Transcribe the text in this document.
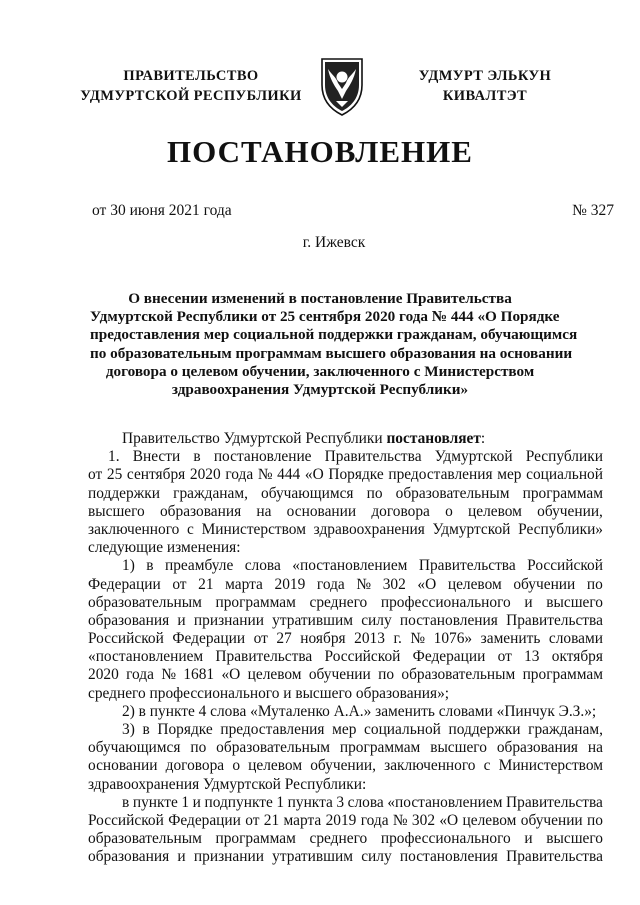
ПРАВИТЕЛЬСТВО
УДМУРТСКОЙ РЕСПУБЛИКИ
УДМУРТ ЭЛЬКУН
КИВАЛТЭТ
ПОСТАНОВЛЕНИЕ
от 30 июня 2021 года	№ 327
г. Ижевск
О внесении изменений в постановление Правительства
Удмуртской Республики от 25 сентября 2020 года № 444 «О Порядке
предоставления мер социальной поддержки гражданам, обучающимся
по образовательным программам высшего образования на основании
договора о целевом обучении, заключенного с Министерством
здравоохранения Удмуртской Республики»
Правительство Удмуртской Республики постановляет :
1. Внести в постановление Правительства Удмуртской Республики
от 25 сентября 2020 года № 444 «О Порядке предоставления мер социальной
поддержки гражданам, обучающимся по образовательным программам
высшего образования на основании договора о целевом обучении,
заключенного с Министерством здравоохранения Удмуртской Республики»
следующие изменения:
1) в преамбуле слова «постановлением Правительства Российской
Федерации от 21 марта 2019 года № 302 «О целевом обучении по
образовательным программам среднего профессионального и высшего
образования и признании утратившим силу постановления Правительства
Российской Федерации от 27 ноября 2013 г. № 1076» заменить словами
«постановлением Правительства Российской Федерации от 13 октября
2020 года № 1681 «О целевом обучении по образовательным программам
среднего профессионального и высшего образования»;
2) в пункте 4 слова «Муталенко А.А.» заменить словами «Пинчук Э.З.»;
3) в Порядке предоставления мер социальной поддержки гражданам,
обучающимся по образовательным программам высшего образования на
основании договора о целевом обучении, заключенного с Министерством
здравоохранения Удмуртской Республики:
в пункте 1 и подпункте 1 пункта 3 слова «постановлением Правительства
Российской Федерации от 21 марта 2019 года № 302 «О целевом обучении по
образовательным программам среднего профессионального и высшего
образования и признании утратившим силу постановления Правительства
